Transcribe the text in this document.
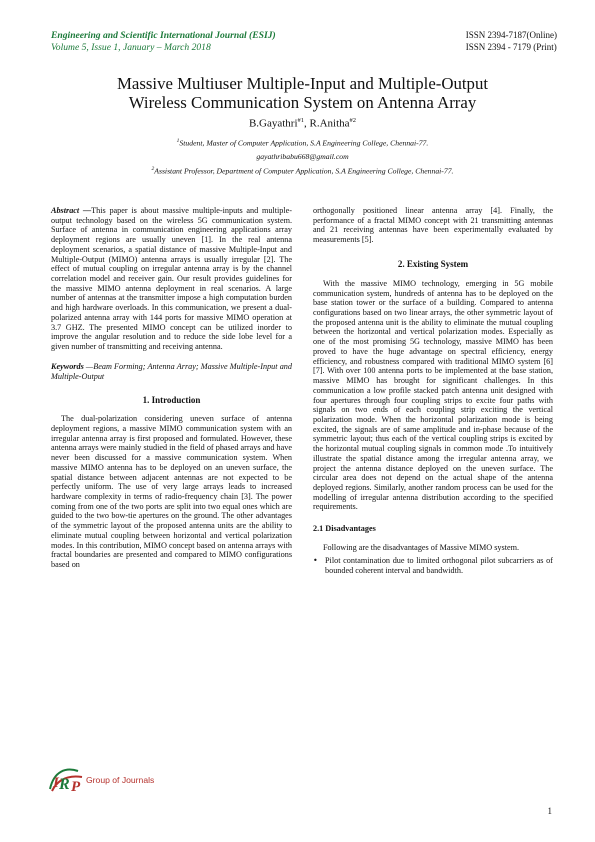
Engineering and Scientific International Journal (ESIJ)
Volume 5, Issue 1, January – March 2018
ISSN 2394-7187(Online)
ISSN 2394 - 7179 (Print)
Massive Multiuser Multiple-Input and Multiple-Output
Wireless Communication System on Antenna Array
B.Gayathri$^{\#1}$, R.Anitha$^{\#2}$
$^1$Student, Master of Computer Application, S.A Engineering College, Chennai-77.
gayathribabu668@gmail.com
$^2$Assistant Professor, Department of Computer Application, S.A Engineering College, Chennai-77.

Abstract —This paper is about massive multiple-inputs and multiple-output technology based on the wireless 5G communication system. Surface of antenna in communication engineering applications array deployment regions are usually uneven [1]. In the real antenna deployment scenarios, a spatial distance of massive Multiple-Input and Multiple-Output (MIMO) antenna arrays is usually irregular [2]. The effect of mutual coupling on irregular antenna array is by the channel correlation model and receiver gain. Our result provides guidelines for the massive MIMO antenna deployment in real scenarios. A large number of antennas at the transmitter impose a high computation burden and high hardware overloads. In this communication, we present a dual-polarized antenna array with 144 ports for massive MIMO operation at 3.7 GHZ. The presented MIMO concept can be utilized inorder to improve the angular resolution and to reduce the side lobe level for a given number of transmitting and receiving antenna.

Keywords —Beam Forming; Antenna Array; Massive Multiple-Input and Multiple-Output

1. Introduction

The dual-polarization considering uneven surface of antenna deployment regions, a massive MIMO communication system with an irregular antenna array is first proposed and formulated. However, these antenna arrays were mainly studied in the field of phased arrays and have never been discussed for a massive communication system. When massive MIMO antenna has to be deployed on an uneven surface, the spatial distance between adjacent antennas are not expected to be perfectly uniform. The use of very large arrays leads to increased hardware complexity in terms of radio-frequency chain [3]. The power coming from one of the two ports are split into two equal ones which are guided to the two bow-tie apertures on the ground. The other advantages of the symmetric layout of the proposed antenna units are the ability to eliminate mutual coupling between horizontal and vertical polarization modes. In this contribution, MIMO concept based on antenna arrays with fractal boundaries are presented and compared to MIMO configurations based on

orthogonally positioned linear antenna array [4]. Finally, the performance of a fractal MIMO concept with 21 transmitting antennas and 21 receiving antennas have been experimentally evaluated by measurements [5].

2. Existing System

With the massive MIMO technology, emerging in 5G mobile communication system, hundreds of antenna has to be deployed on the base station tower or the surface of a building. Compared to antenna configurations based on two linear arrays, the other symmetric layout of the proposed antenna unit is the ability to eliminate the mutual coupling between the horizontal and vertical polarization modes. Especially as one of the most promising 5G technology, massive MIMO has been proved to have the huge advantage on spectral efficiency, energy efficiency, and robustness compared with traditional MIMO system [6][7]. With over 100 antenna ports to be implemented at the base station, massive MIMO has brought for significant challenges. In this communication a low profile stacked patch antenna unit designed with four apertures through four coupling strips to excite four paths with signals on two ends of each coupling strip exciting the vertical polarization mode. When the horizontal polarization mode is being excited, the signals are of same amplitude and in-phase because of the symmetric layout; thus each of the vertical coupling strips is excited by the horizontal mutual coupling signals in common mode .To intuitively illustrate the spatial distance among the irregular antenna array, we project the antenna distance deployed on the uneven surface. The circular area does not depend on the actual shape of the antenna deployed regions. Similarly, another random process can be used for the modelling of irregular antenna distribution according to the specified requirements.

2.1 Disadvantages

Following are the disadvantages of Massive MIMO system.

• Pilot contamination due to limited orthogonal pilot subcarriers as of bounded coherent interval and bandwidth.
I R P Group of Journals
1
